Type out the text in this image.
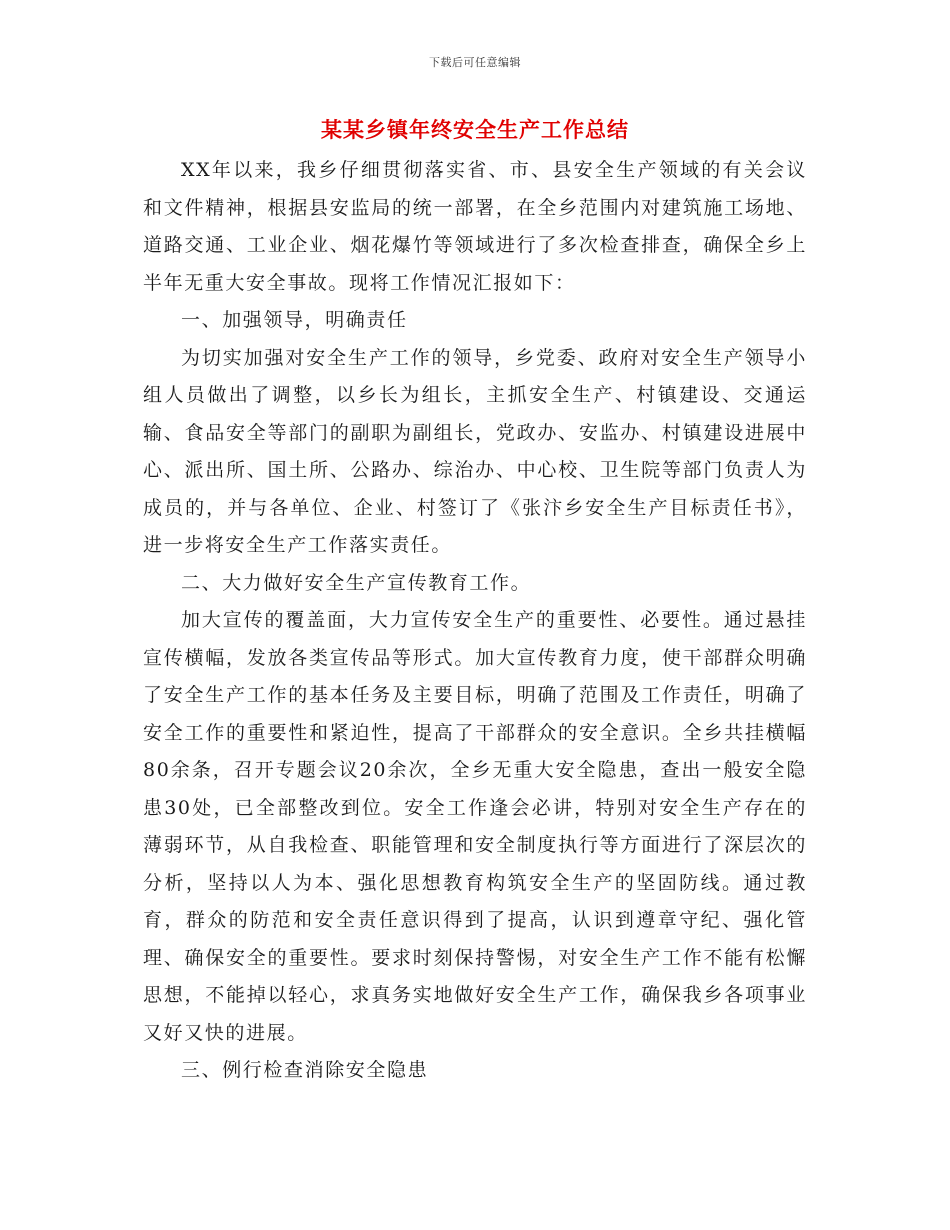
下载后可任意编辑
某某乡镇年终安全生产工作总结

XX年以来，我乡仔细贯彻落实省、市、县安全生产领域的有关会议和文件精神，根据县安监局的统一部署，在全乡范围内对建筑施工场地、道路交通、工业企业、烟花爆竹等领域进行了多次检查排查，确保全乡上半年无重大安全事故。现将工作情况汇报如下：

一、加强领导，明确责任

为切实加强对安全生产工作的领导，乡党委、政府对安全生产领导小组人员做出了调整，以乡长为组长，主抓安全生产、村镇建设、交通运输、食品安全等部门的副职为副组长，党政办、安监办、村镇建设进展中心、派出所、国土所、公路办、综治办、中心校、卫生院等部门负责人为成员的，并与各单位、企业、村签订了《张汴乡安全生产目标责任书》，进一步将安全生产工作落实责任。

二、大力做好安全生产宣传教育工作。

加大宣传的覆盖面，大力宣传安全生产的重要性、必要性。通过悬挂宣传横幅，发放各类宣传品等形式。加大宣传教育力度，使干部群众明确了安全生产工作的基本任务及主要目标，明确了范围及工作责任，明确了安全工作的重要性和紧迫性，提高了干部群众的安全意识。全乡共挂横幅80余条，召开专题会议20余次，全乡无重大安全隐患，查出一般安全隐患30处，已全部整改到位。安全工作逢会必讲，特别对安全生产存在的薄弱环节，从自我检查、职能管理和安全制度执行等方面进行了深层次的分析，坚持以人为本、强化思想教育构筑安全生产的坚固防线。通过教育，群众的防范和安全责任意识得到了提高，认识到遵章守纪、强化管理、确保安全的重要性。要求时刻保持警惕，对安全生产工作不能有松懈思想，不能掉以轻心，求真务实地做好安全生产工作，确保我乡各项事业又好又快的进展。

三、例行检查消除安全隐患
